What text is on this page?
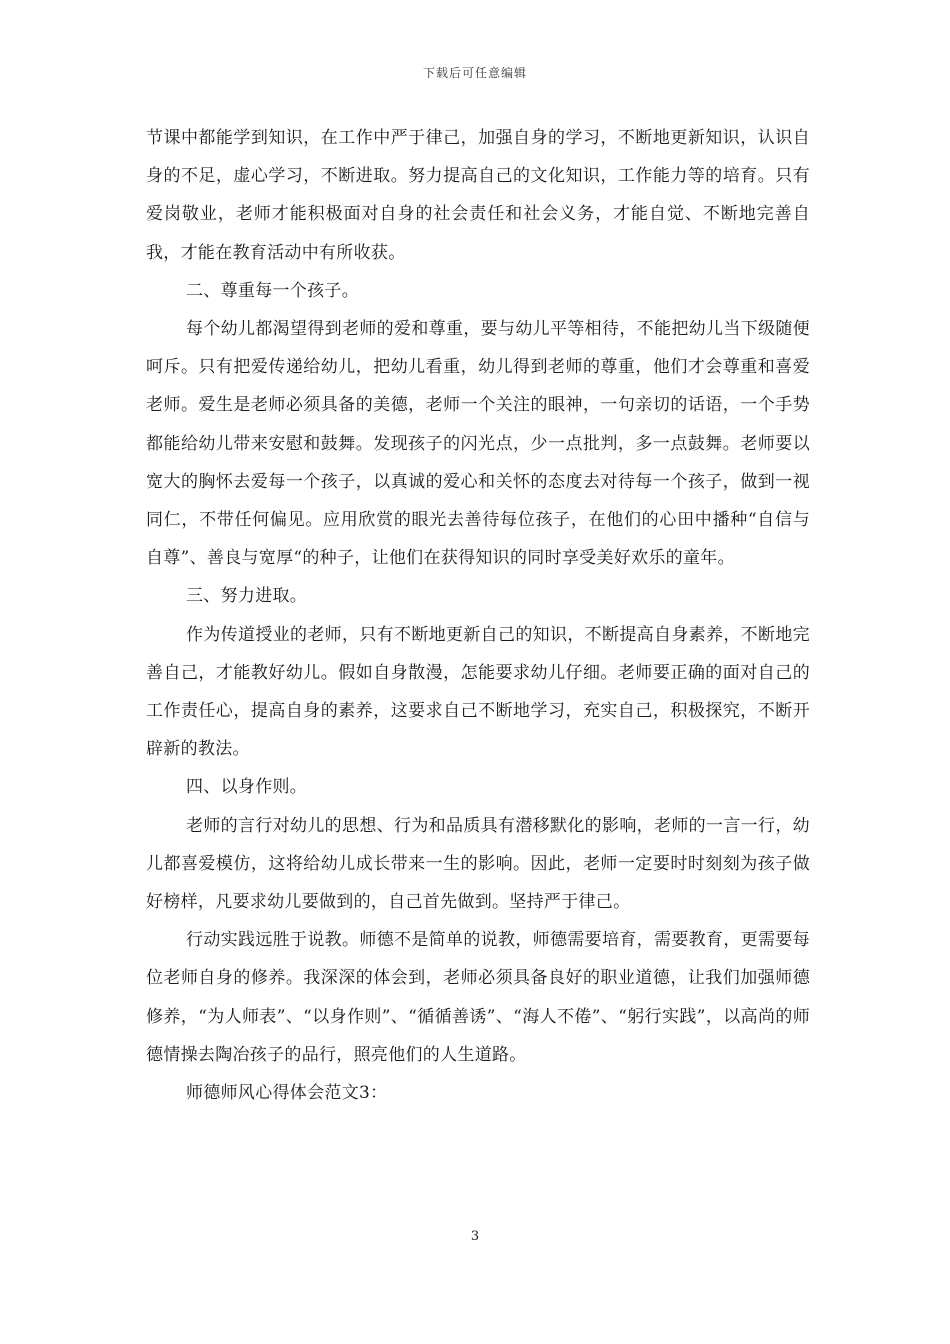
下载后可任意编辑

节课中都能学到知识，在工作中严于律己，加强自身的学习，不断地更新知识，认识自身的不足，虚心学习，不断进取。努力提高自己的文化知识，工作能力等的培育。只有爱岗敬业，老师才能积极面对自身的社会责任和社会义务，才能自觉、不断地完善自我，才能在教育活动中有所收获。

二、尊重每一个孩子。

每个幼儿都渴望得到老师的爱和尊重，要与幼儿平等相待，不能把幼儿当下级随便呵斥。只有把爱传递给幼儿，把幼儿看重，幼儿得到老师的尊重，他们才会尊重和喜爱老师。爱生是老师必须具备的美德，老师一个关注的眼神，一句亲切的话语，一个手势都能给幼儿带来安慰和鼓舞。发现孩子的闪光点，少一点批判，多一点鼓舞。老师要以宽大的胸怀去爱每一个孩子，以真诚的爱心和关怀的态度去对待每一个孩子，做到一视同仁，不带任何偏见。应用欣赏的眼光去善待每位孩子，在他们的心田中播种“自信与自尊”、善良与宽厚“的种子，让他们在获得知识的同时享受美好欢乐的童年。

三、努力进取。

作为传道授业的老师，只有不断地更新自己的知识，不断提高自身素养，不断地完善自己，才能教好幼儿。假如自身散漫，怎能要求幼儿仔细。老师要正确的面对自己的工作责任心，提高自身的素养，这要求自己不断地学习，充实自己，积极探究，不断开辟新的教法。

四、以身作则。

老师的言行对幼儿的思想、行为和品质具有潜移默化的影响，老师的一言一行，幼儿都喜爱模仿，这将给幼儿成长带来一生的影响。因此，老师一定要时时刻刻为孩子做好榜样，凡要求幼儿要做到的，自己首先做到。坚持严于律己。

行动实践远胜于说教。师德不是简单的说教，师德需要培育，需要教育，更需要每位老师自身的修养。我深深的体会到，老师必须具备良好的职业道德，让我们加强师德修养，“为人师表”、“以身作则”、“循循善诱”、“海人不倦”、“躬行实践”，以高尚的师德情操去陶冶孩子的品行，照亮他们的人生道路。

师德师风心得体会范文3：

3
